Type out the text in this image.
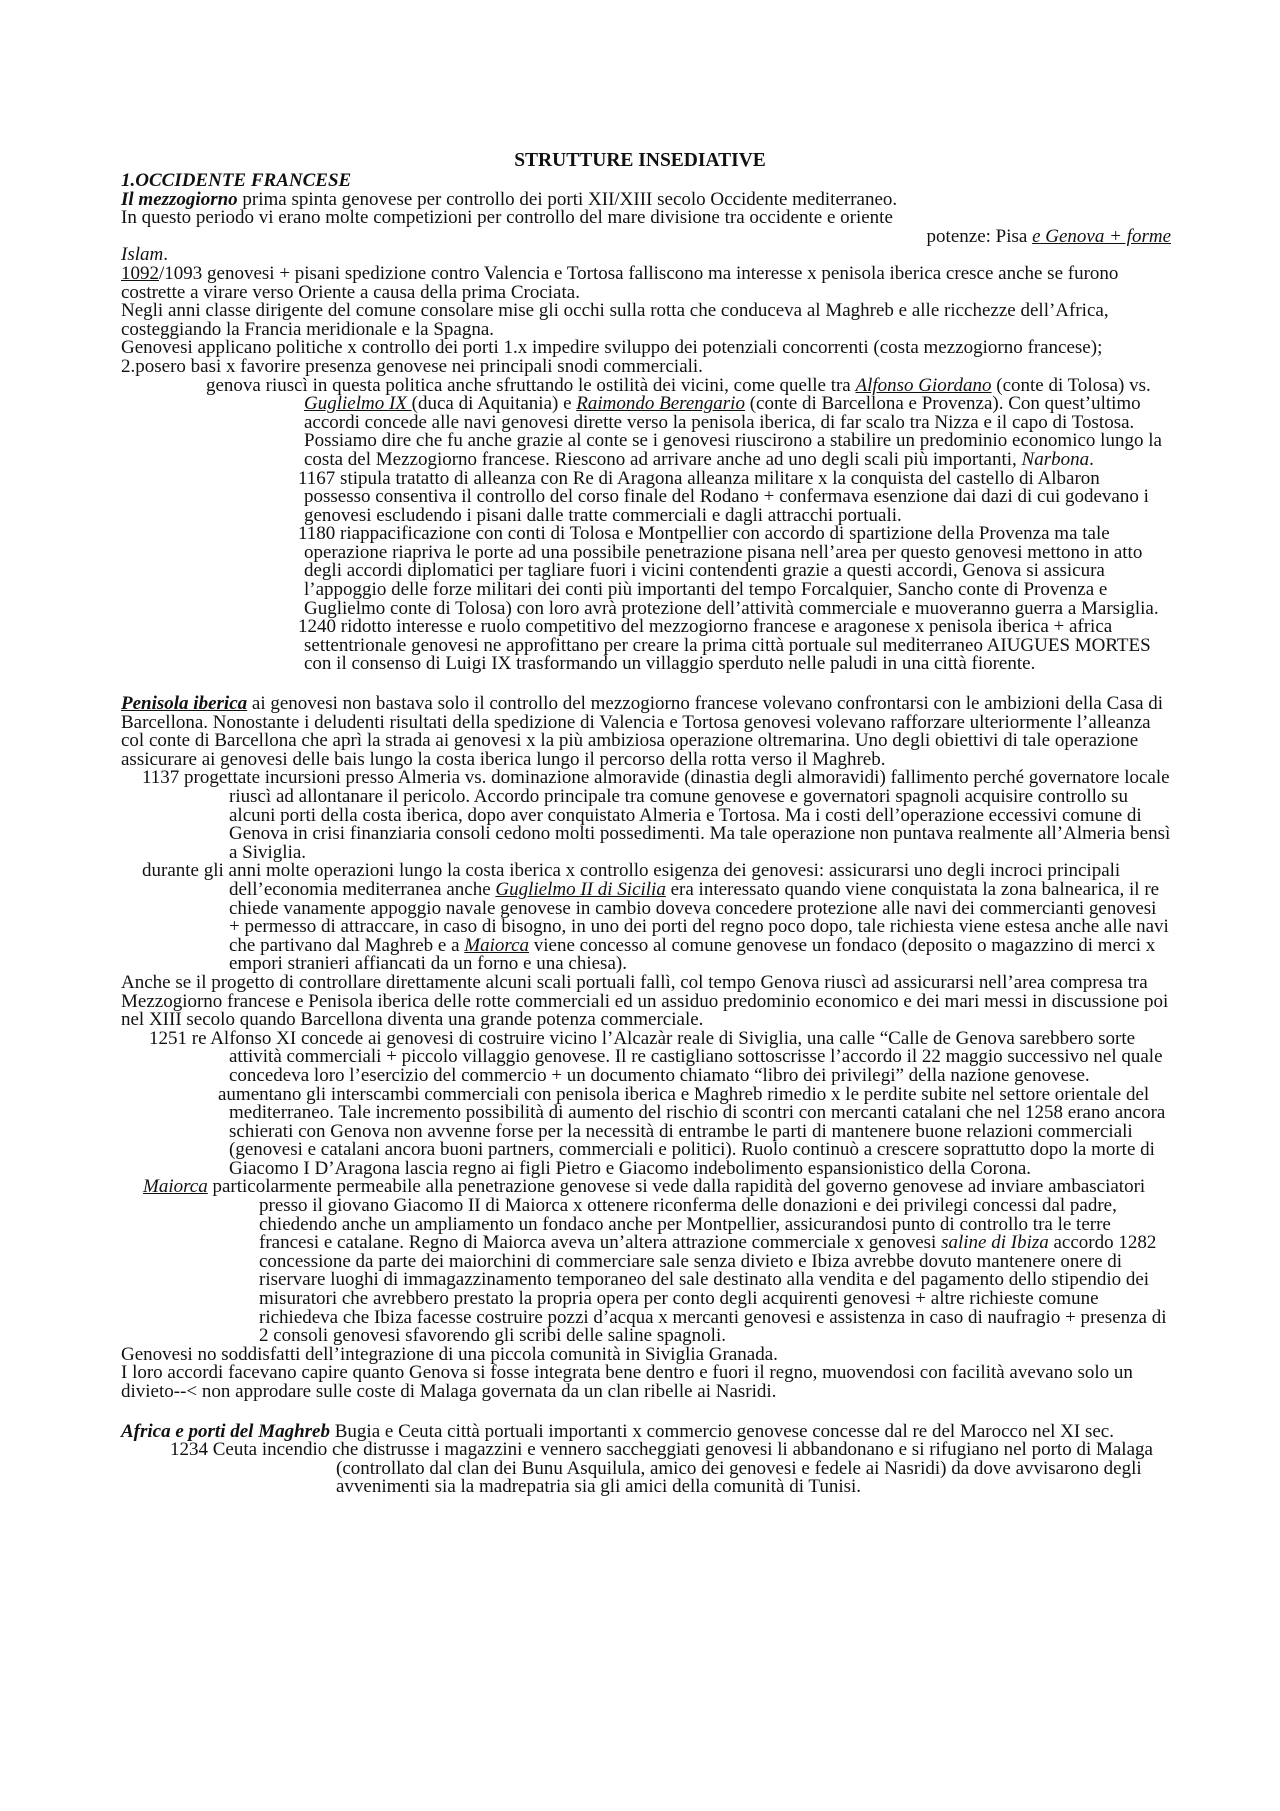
STRUTTURE INSEDIATIVE

1.OCCIDENTE FRANCESE

Il mezzogiorno prima spinta genovese per controllo dei porti XII/XIII secolo Occidente mediterraneo.

In questo periodo vi erano molte competizioni per controllo del mare divisione tra occidente e oriente

potenze: Pisa e Genova + forme

Islam.

1092/1093 genovesi + pisani spedizione contro Valencia e Tortosa falliscono ma interesse x penisola iberica cresce anche se furono costrette a virare verso Oriente a causa della prima Crociata.

Negli anni classe dirigente del comune consolare mise gli occhi sulla rotta che conduceva al Maghreb e alle ricchezze dell’Africa, costeggiando la Francia meridionale e la Spagna.

Genovesi applicano politiche x controllo dei porti 1.x impedire sviluppo dei potenziali concorrenti (costa mezzogiorno francese); 2.posero basi x favorire presenza genovese nei principali snodi commerciali.

genova riuscì in questa politica anche sfruttando le ostilità dei vicini, come quelle tra Alfonso Giordano (conte di Tolosa) vs. Guglielmo IX (duca di Aquitania) e Raimondo Berengario (conte di Barcellona e Provenza). Con quest’ultimo accordi concede alle navi genovesi dirette verso la penisola iberica, di far scalo tra Nizza e il capo di Tostosa. Possiamo dire che fu anche grazie al conte se i genovesi riuscirono a stabilire un predominio economico lungo la costa del Mezzogiorno francese. Riescono ad arrivare anche ad uno degli scali più importanti, Narbona.

1167 stipula tratatto di alleanza con Re di Aragona alleanza militare x la conquista del castello di Albaron possesso consentiva il controllo del corso finale del Rodano + confermava esenzione dai dazi di cui godevano i genovesi escludendo i pisani dalle tratte commerciali e dagli attracchi portuali.

1180 riappacificazione con conti di Tolosa e Montpellier con accordo di spartizione della Provenza ma tale operazione riapriva le porte ad una possibile penetrazione pisana nell’area per questo genovesi mettono in atto degli accordi diplomatici per tagliare fuori i vicini contendenti grazie a questi accordi, Genova si assicura l’appoggio delle forze militari dei conti più importanti del tempo Forcalquier, Sancho conte di Provenza e Guglielmo conte di Tolosa) con loro avrà protezione dell’attività commerciale e muoveranno guerra a Marsiglia.

1240 ridotto interesse e ruolo competitivo del mezzogiorno francese e aragonese x penisola iberica + africa settentrionale genovesi ne approfittano per creare la prima città portuale sul mediterraneo AIUGUES MORTES con il consenso di Luigi IX trasformando un villaggio sperduto nelle paludi in una città fiorente.

Penisola iberica ai genovesi non bastava solo il controllo del mezzogiorno francese volevano confrontarsi con le ambizioni della Casa di Barcellona. Nonostante i deludenti risultati della spedizione di Valencia e Tortosa genovesi volevano rafforzare ulteriormente l’alleanza col conte di Barcellona che aprì la strada ai genovesi x la più ambiziosa operazione oltremarina. Uno degli obiettivi di tale operazione assicurare ai genovesi delle bais lungo la costa iberica lungo il percorso della rotta verso il Maghreb.

1137 progettate incursioni presso Almeria vs. dominazione almoravide (dinastia degli almoravidi) fallimento perché governatore locale riuscì ad allontanare il pericolo. Accordo principale tra comune genovese e governatori spagnoli acquisire controllo su alcuni porti della costa iberica, dopo aver conquistato Almeria e Tortosa. Ma i costi dell’operazione eccessivi comune di Genova in crisi finanziaria consoli cedono molti possedimenti. Ma tale operazione non puntava realmente all’Almeria bensì a Siviglia.

durante gli anni molte operazioni lungo la costa iberica x controllo esigenza dei genovesi: assicurarsi uno degli incroci principali dell’economia mediterranea anche Guglielmo II di Sicilia era interessato quando viene conquistata la zona balnearica, il re chiede vanamente appoggio navale genovese in cambio doveva concedere protezione alle navi dei commercianti genovesi + permesso di attraccare, in caso di bisogno, in uno dei porti del regno poco dopo, tale richiesta viene estesa anche alle navi che partivano dal Maghreb e a Maiorca viene concesso al comune genovese un fondaco (deposito o magazzino di merci x empori stranieri affiancati da un forno e una chiesa).

Anche se il progetto di controllare direttamente alcuni scali portuali fallì, col tempo Genova riuscì ad assicurarsi nell’area compresa tra Mezzogiorno francese e Penisola iberica delle rotte commerciali ed un assiduo predominio economico e dei mari messi in discussione poi nel XIII secolo quando Barcellona diventa una grande potenza commerciale.

1251 re Alfonso XI concede ai genovesi di costruire vicino l’Alcazàr reale di Siviglia, una calle “Calle de Genova sarebbero sorte attività commerciali + piccolo villaggio genovese. Il re castigliano sottoscrisse l’accordo il 22 maggio successivo nel quale concedeva loro l’esercizio del commercio + un documento chiamato “libro dei privilegi” della nazione genovese.

aumentano gli interscambi commerciali con penisola iberica e Maghreb rimedio x le perdite subite nel settore orientale del mediterraneo. Tale incremento possibilità di aumento del rischio di scontri con mercanti catalani che nel 1258 erano ancora schierati con Genova non avvenne forse per la necessità di entrambe le parti di mantenere buone relazioni commerciali (genovesi e catalani ancora buoni partners, commerciali e politici). Ruolo continuò a crescere soprattutto dopo la morte di Giacomo I D’Aragona lascia regno ai figli Pietro e Giacomo indebolimento espansionistico della Corona.

Maiorca particolarmente permeabile alla penetrazione genovese si vede dalla rapidità del governo genovese ad inviare ambasciatori presso il giovano Giacomo II di Maiorca x ottenere riconferma delle donazioni e dei privilegi concessi dal padre, chiedendo anche un ampliamento un fondaco anche per Montpellier, assicurandosi punto di controllo tra le terre francesi e catalane. Regno di Maiorca aveva un’altera attrazione commerciale x genovesi saline di Ibiza accordo 1282 concessione da parte dei maiorchini di commerciare sale senza divieto e Ibiza avrebbe dovuto mantenere onere di riservare luoghi di immagazzinamento temporaneo del sale destinato alla vendita e del pagamento dello stipendio dei misuratori che avrebbero prestato la propria opera per conto degli acquirenti genovesi + altre richieste comune richiedeva che Ibiza facesse costruire pozzi d’acqua x mercanti genovesi e assistenza in caso di naufragio + presenza di 2 consoli genovesi sfavorendo gli scribi delle saline spagnoli.

Genovesi no soddisfatti dell’integrazione di una piccola comunità in Siviglia Granada.

I loro accordi facevano capire quanto Genova si fosse integrata bene dentro e fuori il regno, muovendosi con facilità avevano solo un divieto--< non approdare sulle coste di Malaga governata da un clan ribelle ai Nasridi.

Africa e porti del Maghreb Bugia e Ceuta città portuali importanti x commercio genovese concesse dal re del Marocco nel XI sec.

1234 Ceuta incendio che distrusse i magazzini e vennero saccheggiati genovesi li abbandonano e si rifugiano nel porto di Malaga (controllato dal clan dei Bunu Asquilula, amico dei genovesi e fedele ai Nasridi) da dove avvisarono degli avvenimenti sia la madrepatria sia gli amici della comunità di Tunisi.
